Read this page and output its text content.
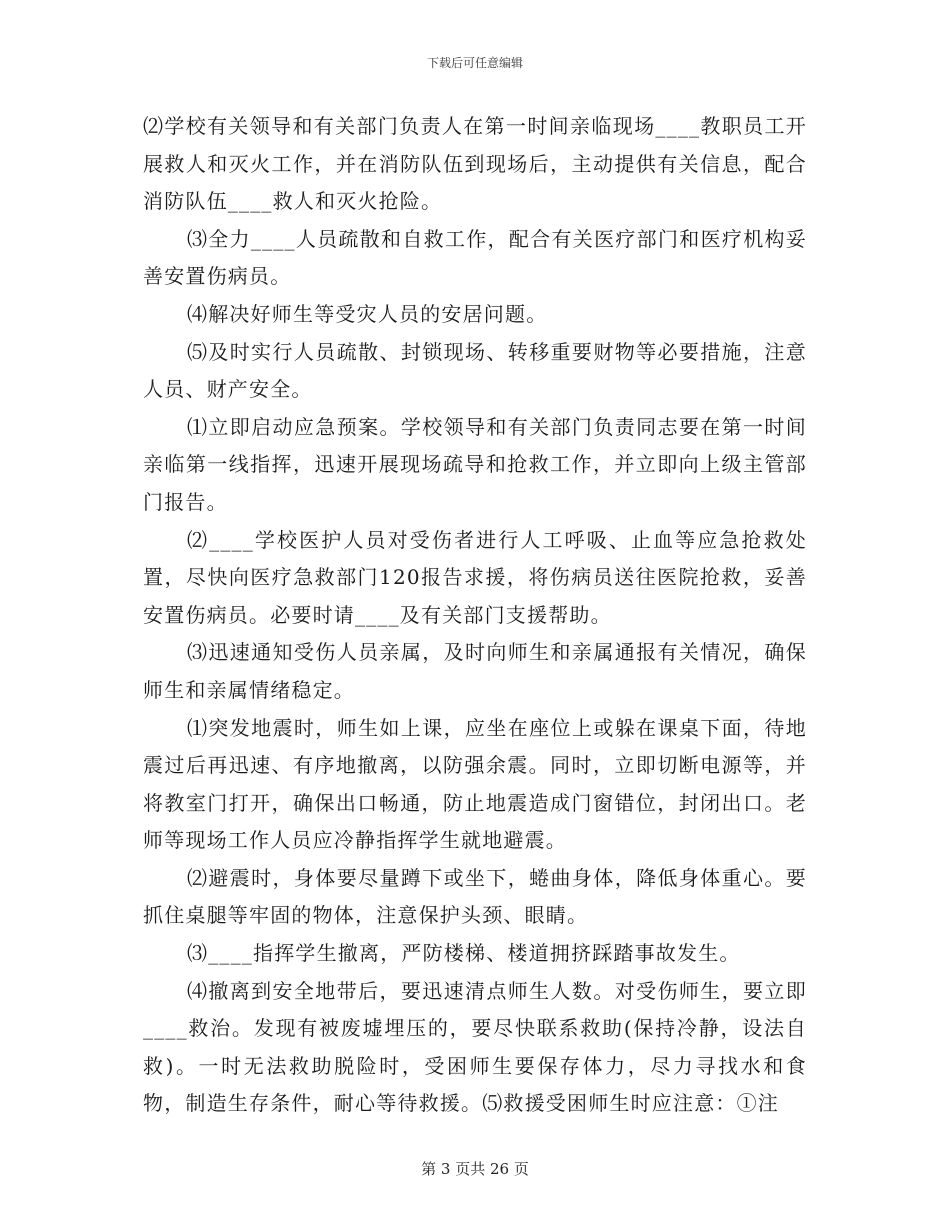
下载后可任意编辑

⑵学校有关领导和有关部门负责人在第一时间亲临现场____教职员工开展救人和灭火工作，并在消防队伍到现场后，主动提供有关信息，配合消防队伍____救人和灭火抢险。

⑶全力____人员疏散和自救工作，配合有关医疗部门和医疗机构妥善安置伤病员。

⑷解决好师生等受灾人员的安居问题。

⑸及时实行人员疏散、封锁现场、转移重要财物等必要措施，注意人员、财产安全。

⑴立即启动应急预案。学校领导和有关部门负责同志要在第一时间亲临第一线指挥，迅速开展现场疏导和抢救工作，并立即向上级主管部门报告。

⑵____学校医护人员对受伤者进行人工呼吸、止血等应急抢救处置，尽快向医疗急救部门120报告求援，将伤病员送往医院抢救，妥善安置伤病员。必要时请____及有关部门支援帮助。

⑶迅速通知受伤人员亲属，及时向师生和亲属通报有关情况，确保师生和亲属情绪稳定。

⑴突发地震时，师生如上课，应坐在座位上或躲在课桌下面，待地震过后再迅速、有序地撤离，以防强余震。同时，立即切断电源等，并将教室门打开，确保出口畅通，防止地震造成门窗错位，封闭出口。老师等现场工作人员应冷静指挥学生就地避震。

⑵避震时，身体要尽量蹲下或坐下，蜷曲身体，降低身体重心。要抓住桌腿等牢固的物体，注意保护头颈、眼睛。

⑶____指挥学生撤离，严防楼梯、楼道拥挤踩踏事故发生。

⑷撤离到安全地带后，要迅速清点师生人数。对受伤师生，要立即____救治。发现有被废墟埋压的，要尽快联系救助(保持冷静，设法自救)。一时无法救助脱险时，受困师生要保存体力，尽力寻找水和食物，制造生存条件，耐心等待救援。⑸救援受困师生时应注意：①注

第 3 页共 26 页
